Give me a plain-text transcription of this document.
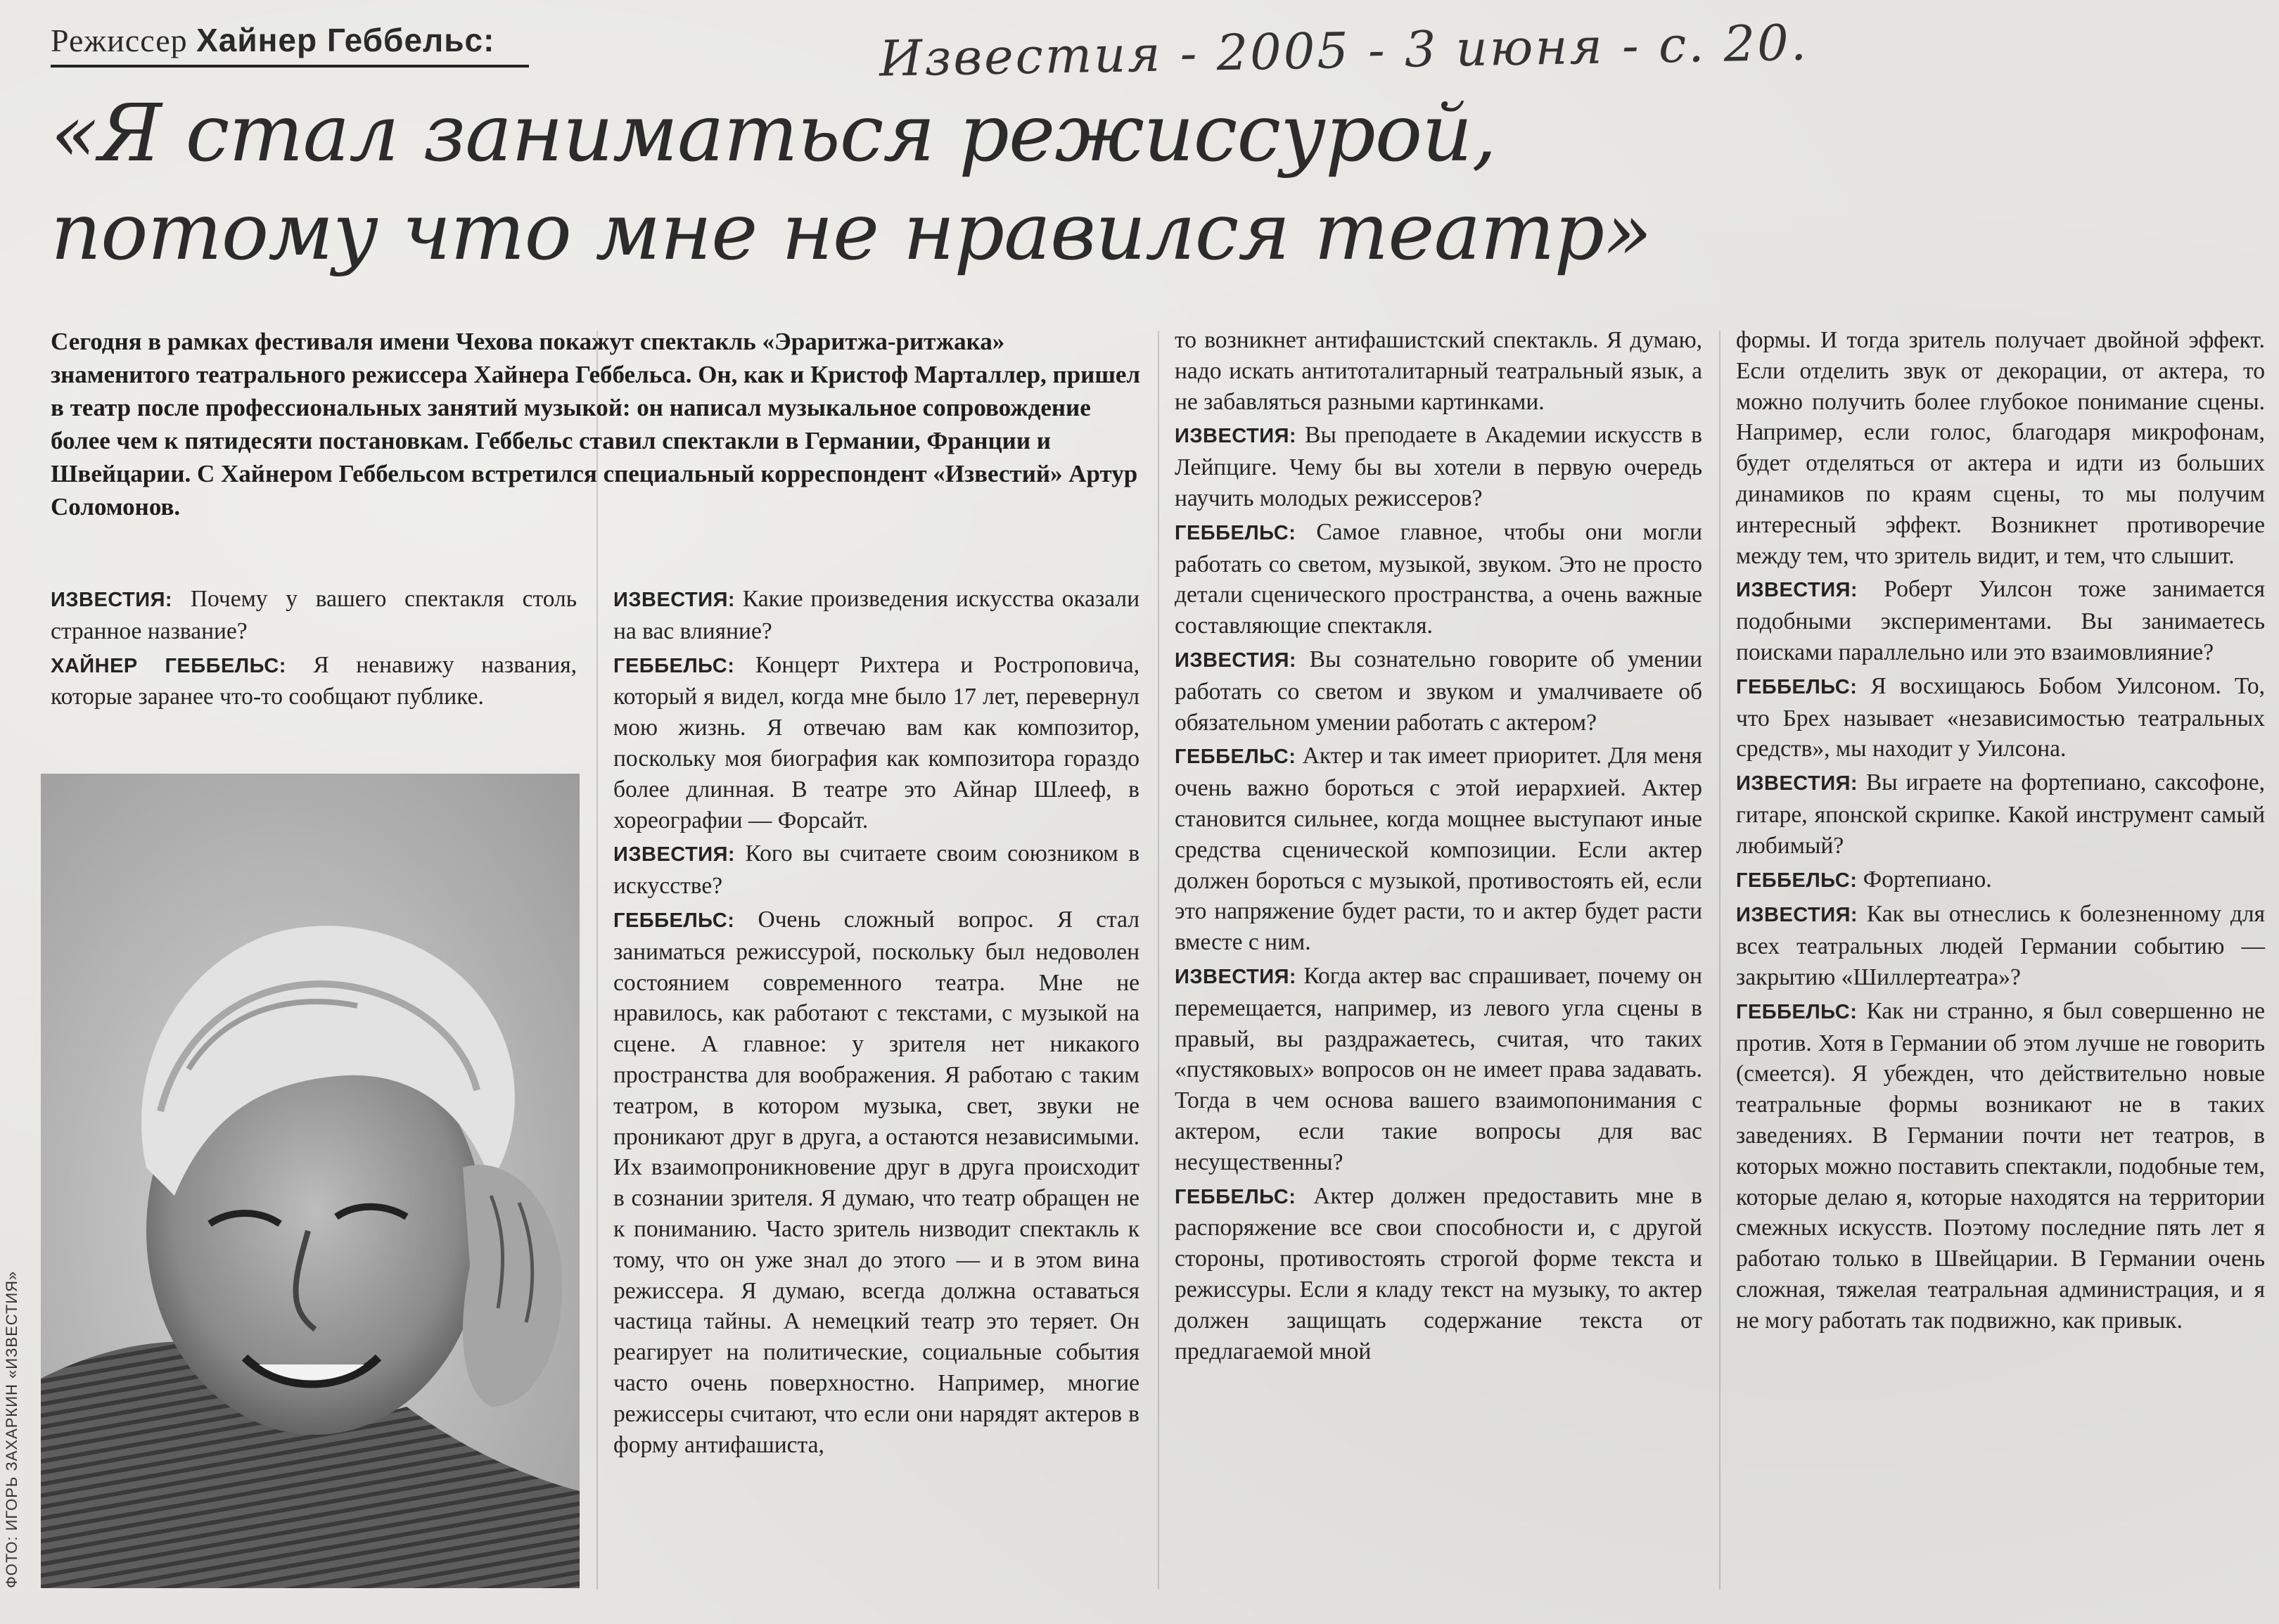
Режиссер Хайнер Геббельс:	Известия - 2005 - 3 июня - с. 20.
«Я стал заниматься режиссурой, потому что мне не нравился театр»
Сегодня в рамках фестиваля имени Чехова покажут спектакль «Эраритжа-ритжака» знаменитого театрального режиссера Хайнера Геббельса. Он, как и Кристоф Марталлер, пришел в театр после профессиональных занятий музыкой: он написал музыкальное сопровождение более чем к пятидесяти постановкам. Геббельс ставил спектакли в Германии, Франции и Швейцарии. С Хайнером Геббельсом встретился специальный корреспондент «Известий» Артур Соломонов.

ИЗВЕСТИЯ: Почему у вашего спектакля столь странное название?

ХАЙНЕР ГЕББЕЛЬС: Я ненавижу названия, которые заранее что-то сообщают публике.

ИЗВЕСТИЯ: Какие произведения искусства оказали на вас влияние?

ГЕББЕЛЬС: Концерт Рихтера и Ростроповича, который я видел, когда мне было 17 лет, перевернул мою жизнь. Я отвечаю вам как композитор, поскольку моя биография как композитора гораздо более длинная. В театре это Айнар Шлееф, в хореографии — Форсайт.

ИЗВЕСТИЯ: Кого вы считаете своим союзником в искусстве?

ГЕББЕЛЬС: Очень сложный вопрос. Я стал заниматься режиссурой, поскольку был недоволен состоянием современного театра. Мне не нравилось, как работают с текстами, с музыкой на сцене. А главное: у зрителя нет никакого пространства для воображения. Я работаю с таким театром, в котором музыка, свет, звуки не проникают друг в друга, а остаются независимыми. Их взаимопроникновение друг в друга происходит в сознании зрителя. Я думаю, что театр обращен не к пониманию. Часто зритель низводит спектакль к тому, что он уже знал до этого — и в этом вина режиссера. Я думаю, всегда должна оставаться частица тайны. А немецкий театр это теряет. Он реагирует на политические, социальные события часто очень поверхностно. Например, многие режиссеры считают, что если они нарядят актеров в форму антифашиста,

то возникнет антифашистский спектакль. Я думаю, надо искать антитоталитарный театральный язык, а не забавляться разными картинками.

ИЗВЕСТИЯ: Вы преподаете в Академии искусств в Лейпциге. Чему бы вы хотели в первую очередь научить молодых режиссеров?

ГЕББЕЛЬС: Самое главное, чтобы они могли работать со светом, музыкой, звуком. Это не просто детали сценического пространства, а очень важные составляющие спектакля.

ИЗВЕСТИЯ: Вы сознательно говорите об умении работать со светом и звуком и умалчиваете об обязательном умении работать с актером?

ГЕББЕЛЬС: Актер и так имеет приоритет. Для меня очень важно бороться с этой иерархией. Актер становится сильнее, когда мощнее выступают иные средства сценической композиции. Если актер должен бороться с музыкой, противостоять ей, если это напряжение будет расти, то и актер будет расти вместе с ним.

ИЗВЕСТИЯ: Когда актер вас спрашивает, почему он перемещается, например, из левого угла сцены в правый, вы раздражаетесь, считая, что таких «пустяковых» вопросов он не имеет права задавать. Тогда в чем основа вашего взаимопонимания с актером, если такие вопросы для вас несущественны?

ГЕББЕЛЬС: Актер должен предоставить мне в распоряжение все свои способности и, с другой стороны, противостоять строгой форме текста и режиссуры. Если я кладу текст на музыку, то актер должен защищать содержание текста от предлагаемой мной

формы. И тогда зритель получает двойной эффект. Если отделить звук от декорации, от актера, то можно получить более глубокое понимание сцены. Например, если голос, благодаря микрофонам, будет отделяться от актера и идти из больших динамиков по краям сцены, то мы получим интересный эффект. Возникнет противоречие между тем, что зритель видит, и тем, что слышит.

ИЗВЕСТИЯ: Роберт Уилсон тоже занимается подобными экспериментами. Вы занимаетесь поисками параллельно или это взаимовлияние?

ГЕББЕЛЬС: Я восхищаюсь Бобом Уилсоном. То, что Брех называет «независимостью театральных средств», мы находит у Уилсона.

ИЗВЕСТИЯ: Вы играете на фортепиано, саксофоне, гитаре, японской скрипке. Какой инструмент самый любимый?

ГЕББЕЛЬС: Фортепиано.

ИЗВЕСТИЯ: Как вы отнеслись к болезненному для всех театральных людей Германии событию — закрытию «Шиллертеатра»?

ГЕББЕЛЬС: Как ни странно, я был совершенно не против. Хотя в Германии об этом лучше не говорить (смеется). Я убежден, что действительно новые театральные формы возникают не в таких заведениях. В Германии почти нет театров, в которых можно поставить спектакли, подобные тем, которые делаю я, которые находятся на территории смежных искусств. Поэтому последние пять лет я работаю только в Швейцарии. В Германии очень сложная, тяжелая театральная администрация, и я не могу работать так подвижно, как привык.

ФОТО: ИГОРЬ ЗАХАРКИН «ИЗВЕСТИЯ»
